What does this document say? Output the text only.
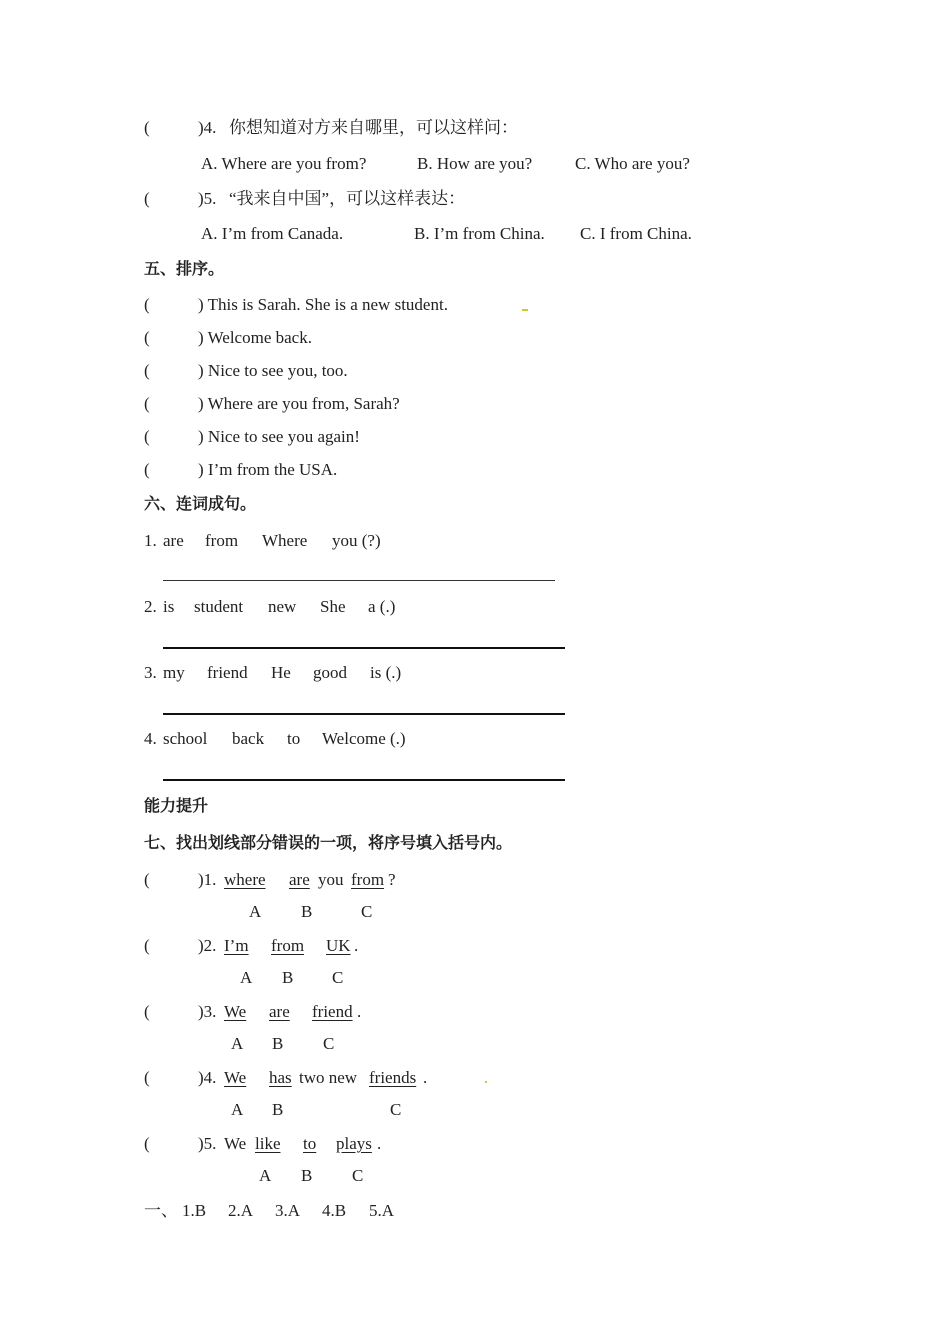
(	)4. 你想知道对方来自哪里，可以这样问：
A. Where are you from?	B. How are you?	C. Who are you?
(	)5. “我来自中国”，可以这样表达：
A. I’m from Canada.	B. I’m from China. C. I from China.
五、排序。
(	) This is Sarah. She is a new student.
(	) Welcome back.
(	) Nice to see you, too.
(	) Where are you from, Sarah?
(	) Nice to see you again!
(	) I’m from the USA.
六、连词成句。
1. are from Where you (?)
2. is student new She a (.)
3. my friend He good is (.)
4. school back to Welcome (.)
能力提升
七、找出划线部分错误的一项，将序号填入括号内。
(	)1. where are you from ?
A B	C
(	)2. I’m from UK .
A B C
(	)3. We are friend .
A B C
(	)4. We has two new friends .
A B	C
(	)5. We like to plays .
A B C
一、 1.B 2.A 3.A 4.B 5.A
